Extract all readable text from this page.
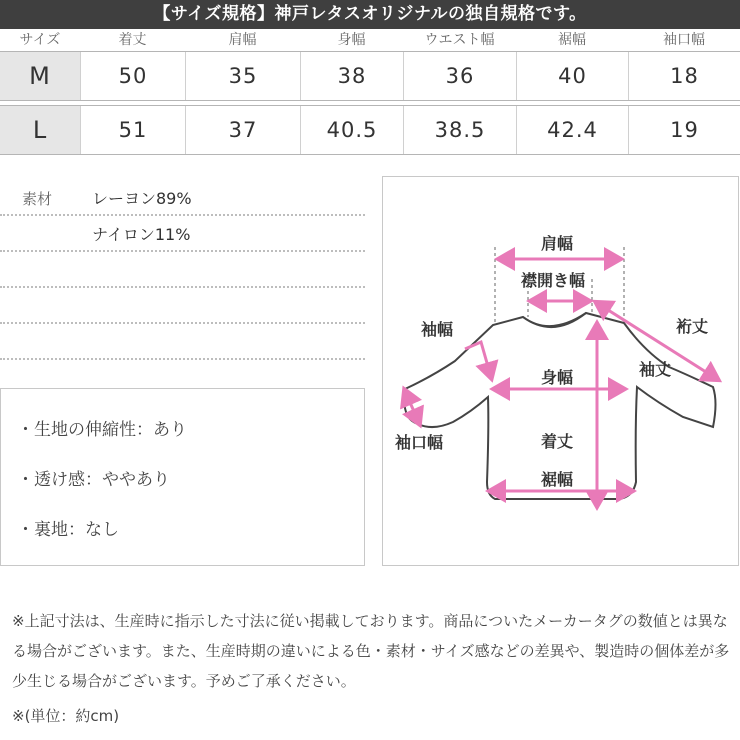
【サイズ規格】神戸レタスオリジナルの独自規格です。
サイズ	着丈	肩幅	身幅	ウエスト幅	裾幅	袖口幅
M	50	35	38	36	40	18
L	51	37	40.5	38.5	42.4	19
素材 レーヨン89%
ナイロン11%
・生地の伸縮性：あり
・透け感：ややあり
・裏地：なし
肩幅
襟開き幅
袖幅	裄丈
袖丈
身幅
袖口幅	着丈
裾幅
※上記寸法は、生産時に指示した寸法に従い掲載しております。商品についたメーカータグの数値とは異なる場合がございます。また、生産時期の違いによる色・素材・サイズ感などの差異や、製造時の個体差が多少生じる場合がございます。予めご了承ください。
※(単位：約cm)
